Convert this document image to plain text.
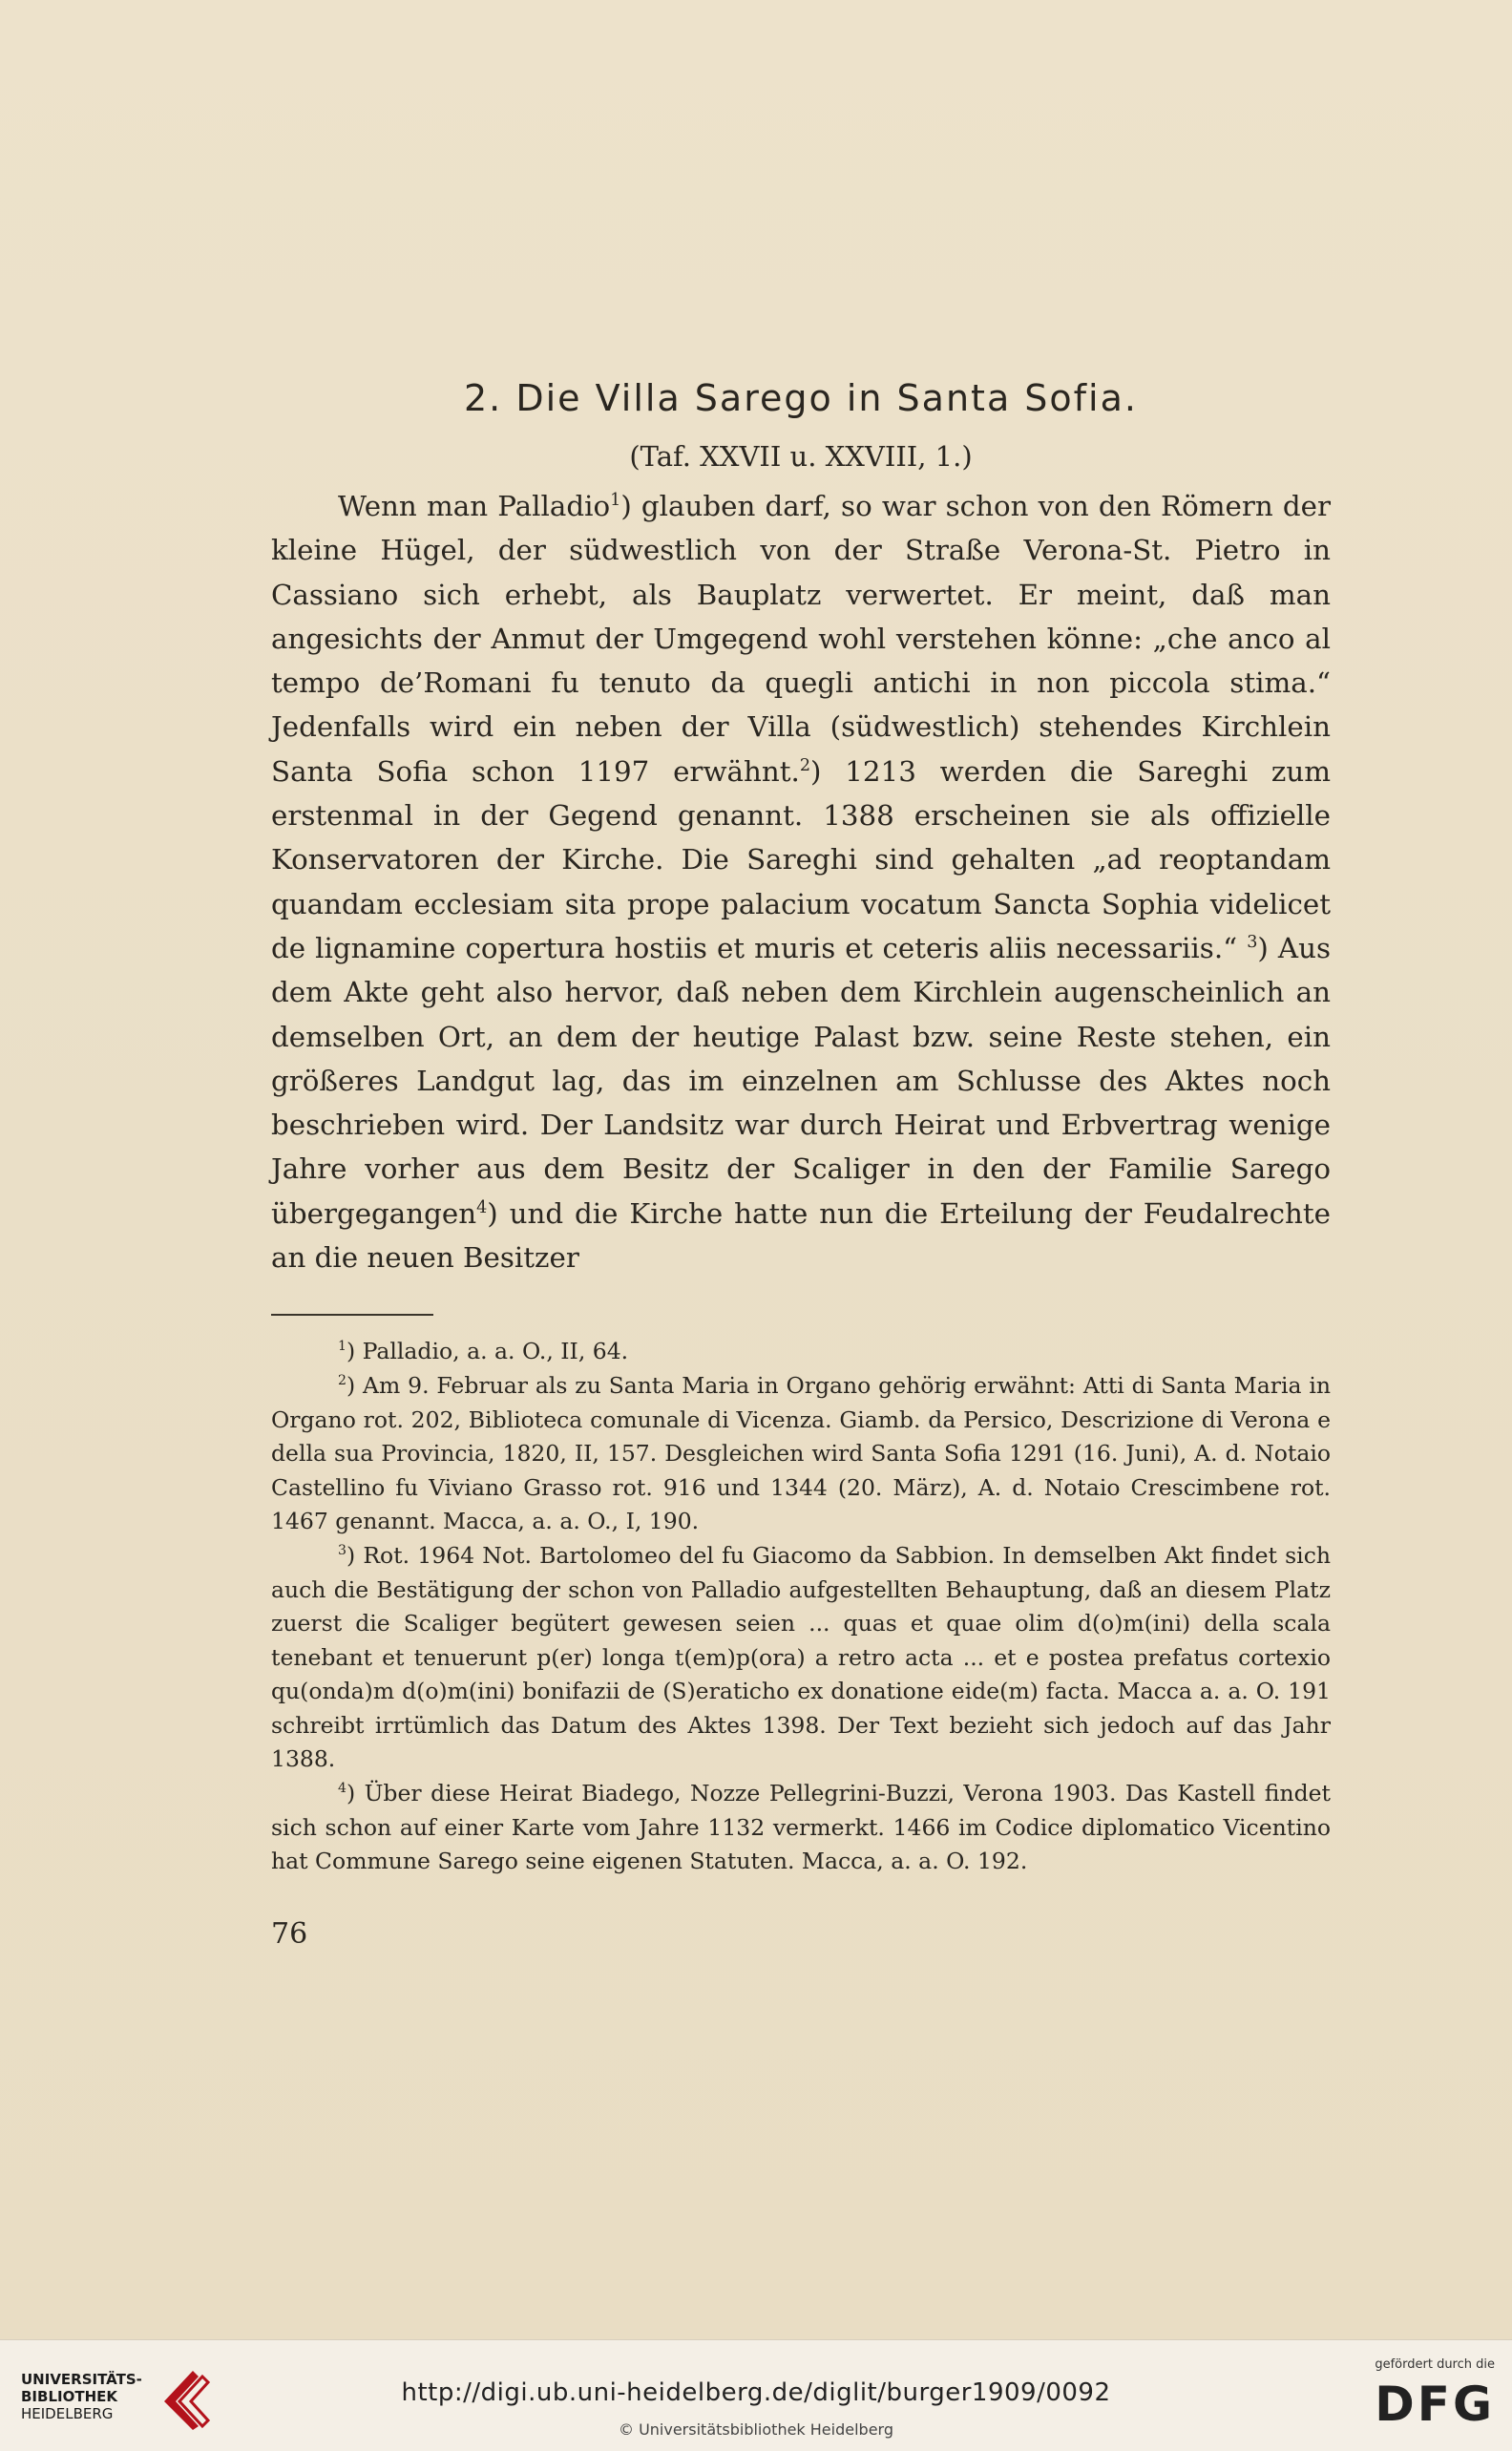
2. Die Villa Sarego in Santa Sofia.
(Taf. XXVII u. XXVIII, 1.)

Wenn man Palladio$^1$) glauben darf, so war schon von den Römern der kleine Hügel, der südwestlich von der Straße Verona-St. Pietro in Cassiano sich erhebt, als Bauplatz verwertet. Er meint, daß man angesichts der Anmut der Umgegend wohl verstehen könne: „che anco al tempo de’Romani fu tenuto da quegli antichi in non piccola stima.“ Jedenfalls wird ein neben der Villa (südwestlich) stehendes Kirchlein Santa Sofia schon 1197 erwähnt.$^2$) 1213 werden die Sareghi zum erstenmal in der Gegend genannt. 1388 erscheinen sie als offizielle Konservatoren der Kirche. Die Sareghi sind gehalten „ad reoptandam quandam ecclesiam sita prope palacium vocatum Sancta Sophia videlicet de lignamine copertura hostiis et muris et ceteris aliis necessariis.“ $^3$) Aus dem Akte geht also hervor, daß neben dem Kirchlein augenscheinlich an demselben Ort, an dem der heutige Palast bzw. seine Reste stehen, ein größeres Landgut lag, das im einzelnen am Schlusse des Aktes noch beschrieben wird. Der Landsitz war durch Heirat und Erbvertrag wenige Jahre vorher aus dem Besitz der Scaliger in den der Familie Sarego übergegangen$^4$) und die Kirche hatte nun die Erteilung der Feudalrechte an die neuen Besitzer

$^1$) Palladio, a. a. O., II, 64.

$^2$) Am 9. Februar als zu Santa Maria in Organo gehörig erwähnt: Atti di Santa Maria in Organo rot. 202, Biblioteca comunale di Vicenza. Giamb. da Persico, Descrizione di Verona e della sua Provincia, 1820, II, 157. Desgleichen wird Santa Sofia 1291 (16. Juni), A. d. Notaio Castellino fu Viviano Grasso rot. 916 und 1344 (20. März), A. d. Notaio Crescimbene rot. 1467 genannt. Macca, a. a. O., I, 190.

$^3$) Rot. 1964 Not. Bartolomeo del fu Giacomo da Sabbion. In demselben Akt findet sich auch die Bestätigung der schon von Palladio aufgestellten Behauptung, daß an diesem Platz zuerst die Scaliger begütert gewesen seien ... quas et quae olim d(o)m(ini) della scala tenebant et tenuerunt p(er) longa t(em)p(ora) a retro acta ... et e postea prefatus cortexio qu(onda)m d(o)m(ini) bonifazii de (S)eraticho ex donatione eide(m) facta. Macca a. a. O. 191 schreibt irrtümlich das Datum des Aktes 1398. Der Text bezieht sich jedoch auf das Jahr 1388.

$^4$) Über diese Heirat Biadego, Nozze Pellegrini-Buzzi, Verona 1903. Das Kastell findet sich schon auf einer Karte vom Jahre 1132 vermerkt. 1466 im Codice diplomatico Vicentino hat Commune Sarego seine eigenen Statuten. Macca, a. a. O. 192.

76
UNIVERSITÄTS-
BIBLIOTHEK
HEIDELBERG
http://digi.ub.uni-heidelberg.de/diglit/burger1909/0092
© Universitätsbibliothek Heidelberg
gefördert durch die
DFG
